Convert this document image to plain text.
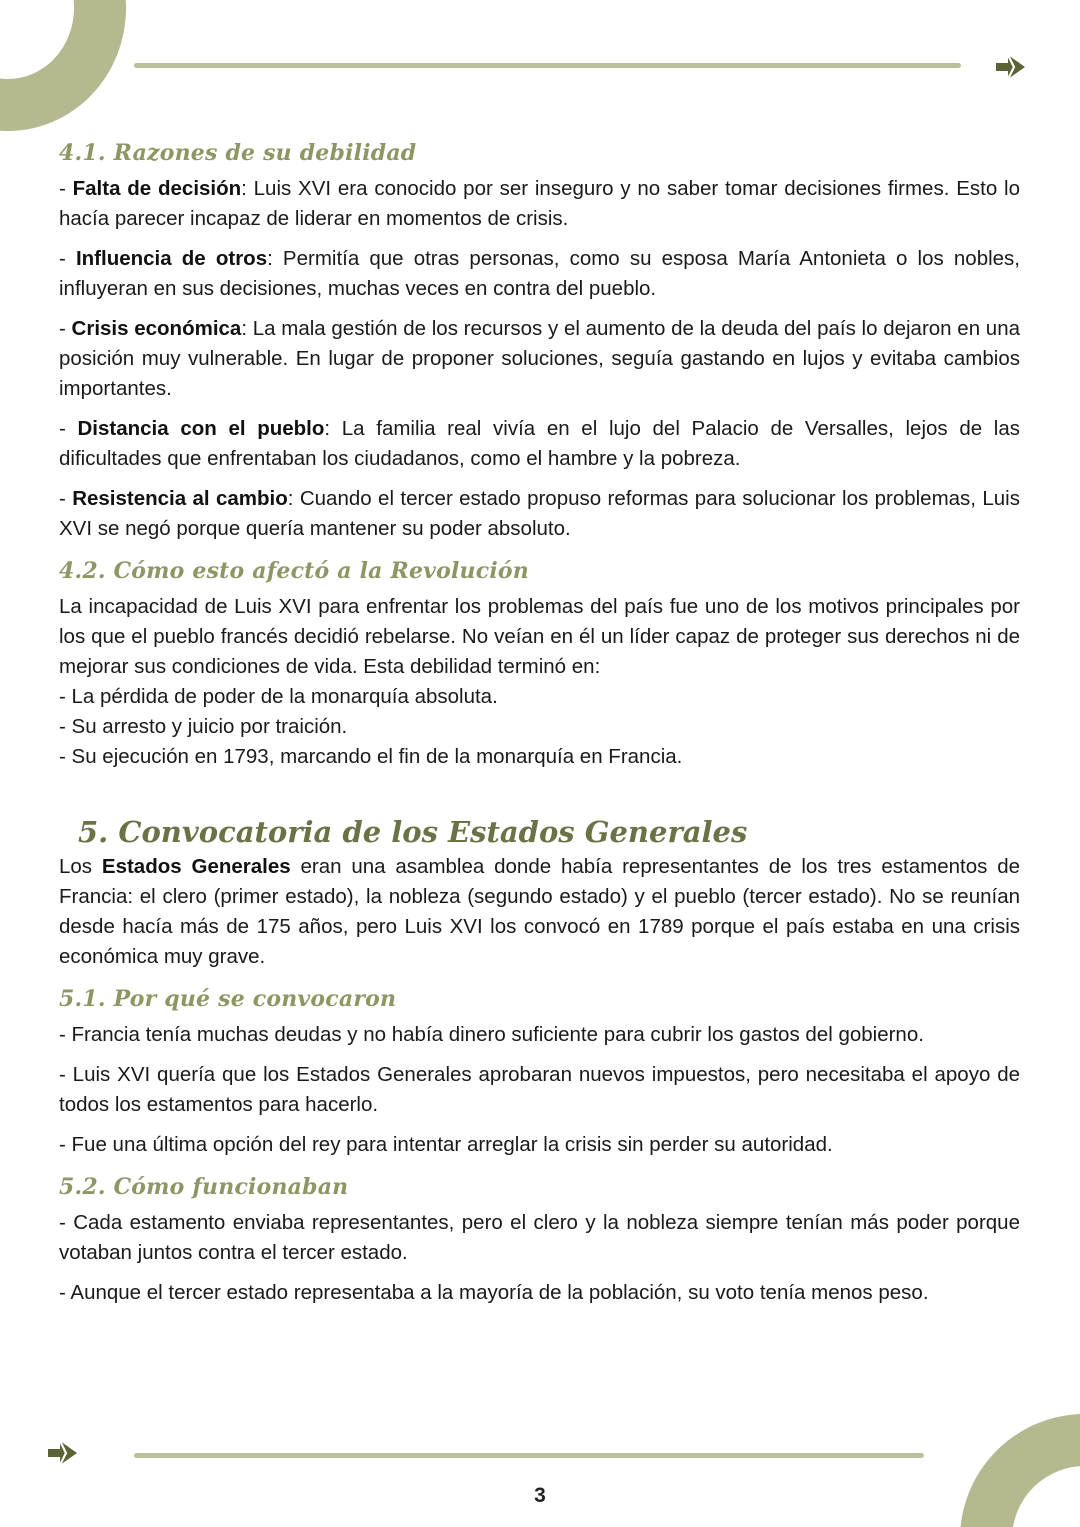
4.1. Razones de su debilidad

- Falta de decisión: Luis XVI era conocido por ser inseguro y no saber tomar decisiones firmes. Esto lo hacía parecer incapaz de liderar en momentos de crisis.

- Influencia de otros: Permitía que otras personas, como su esposa María Antonieta o los nobles, influyeran en sus decisiones, muchas veces en contra del pueblo.

- Crisis económica: La mala gestión de los recursos y el aumento de la deuda del país lo dejaron en una posición muy vulnerable. En lugar de proponer soluciones, seguía gastando en lujos y evitaba cambios importantes.

- Distancia con el pueblo: La familia real vivía en el lujo del Palacio de Versalles, lejos de las dificultades que enfrentaban los ciudadanos, como el hambre y la pobreza.

- Resistencia al cambio: Cuando el tercer estado propuso reformas para solucionar los problemas, Luis XVI se negó porque quería mantener su poder absoluto.

4.2. Cómo esto afectó a la Revolución

La incapacidad de Luis XVI para enfrentar los problemas del país fue uno de los motivos principales por los que el pueblo francés decidió rebelarse. No veían en él un líder capaz de proteger sus derechos ni de mejorar sus condiciones de vida. Esta debilidad terminó en:

- La pérdida de poder de la monarquía absoluta.
- Su arresto y juicio por traición.
- Su ejecución en 1793, marcando el fin de la monarquía en Francia.
5. Convocatoria de los Estados Generales

Los Estados Generales eran una asamblea donde había representantes de los tres estamentos de Francia: el clero (primer estado), la nobleza (segundo estado) y el pueblo (tercer estado). No se reunían desde hacía más de 175 años, pero Luis XVI los convocó en 1789 porque el país estaba en una crisis económica muy grave.

5.1. Por qué se convocaron

- Francia tenía muchas deudas y no había dinero suficiente para cubrir los gastos del gobierno.

- Luis XVI quería que los Estados Generales aprobaran nuevos impuestos, pero necesitaba el apoyo de todos los estamentos para hacerlo.

- Fue una última opción del rey para intentar arreglar la crisis sin perder su autoridad.

5.2. Cómo funcionaban

- Cada estamento enviaba representantes, pero el clero y la nobleza siempre tenían más poder porque votaban juntos contra el tercer estado.

- Aunque el tercer estado representaba a la mayoría de la población, su voto tenía menos peso.

3
